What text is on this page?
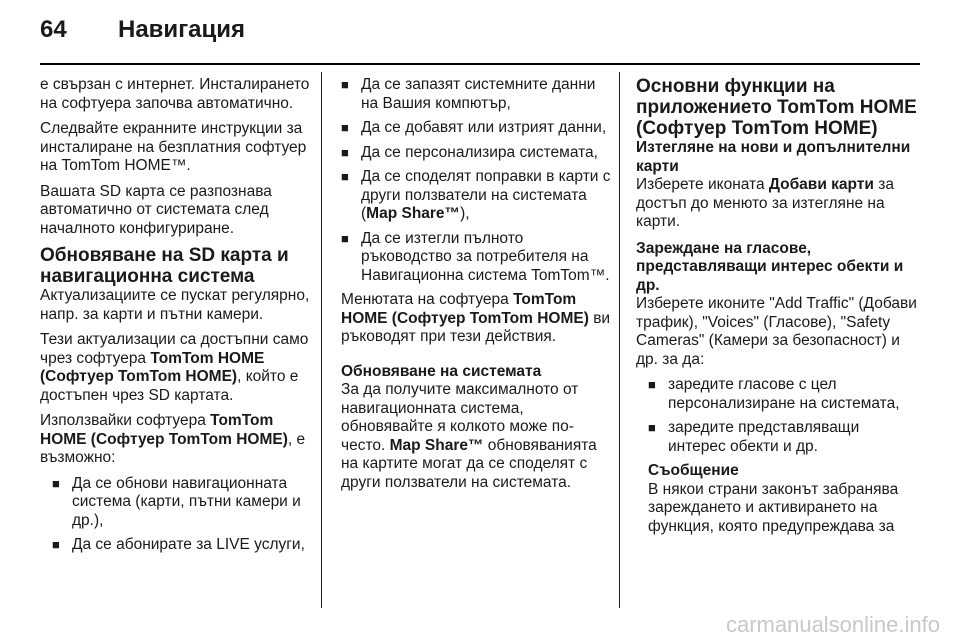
64 Навигация

е свързан с интернет. Инсталирането на софтуера започва автоматично.

Следвайте екранните инструкции за инсталиране на безплатния софтуер на TomTom HOME™.

Вашата SD карта се разпознава автоматично от системата след началното конфигуриране.

Обновяване на SD карта и навигационна система

Актуализациите се пускат регулярно, напр. за карти и пътни камери.

Тези актуализации са достъпни само чрез софтуера TomTom HOME (Софтуер TomTom HOME), който е достъпен чрез SD картата.

Използвайки софтуера TomTom HOME (Софтуер TomTom HOME), е възможно:

■ Да се обнови навигационната система (карти, пътни камери и др.),
■ Да се абонирате за LIVE услуги,
■ Да се запазят системните данни на Вашия компютър,
■ Да се добавят или изтрият данни,
■ Да се персонализира системата,
■ Да се споделят поправки в карти с други ползватели на системата (Map Share™),
■ Да се изтегли пълното ръководство за потребителя на Навигационна система TomTom™.

Менютата на софтуера TomTom HOME (Софтуер TomTom HOME) ви ръководят при тези действия.

Обновяване на системата

За да получите максималното от навигационната система, обновявайте я колкото може по-често. Map Share™ обновяванията на картите могат да се споделят с други ползватели на системата.

Основни функции на приложението TomTom HOME (Софтуер TomTom HOME)
Изтегляне на нови и допълнителни карти

Изберете иконата Добави карти за достъп до менюто за изтегляне на карти.

Зареждане на гласове, представляващи интерес обекти и др.

Изберете иконите "Add Traffic" (Добави трафик), "Voices" (Гласове), "Safety Cameras" (Камери за безопасност) и др. за да:

■ заредите гласове с цел персонализиране на системата,
■ заредите представляващи интерес обекти и др.
Съобщение
В някои страни законът забранява зареждането и активирането на функция, която предупреждава за
carmanualsonline.info
